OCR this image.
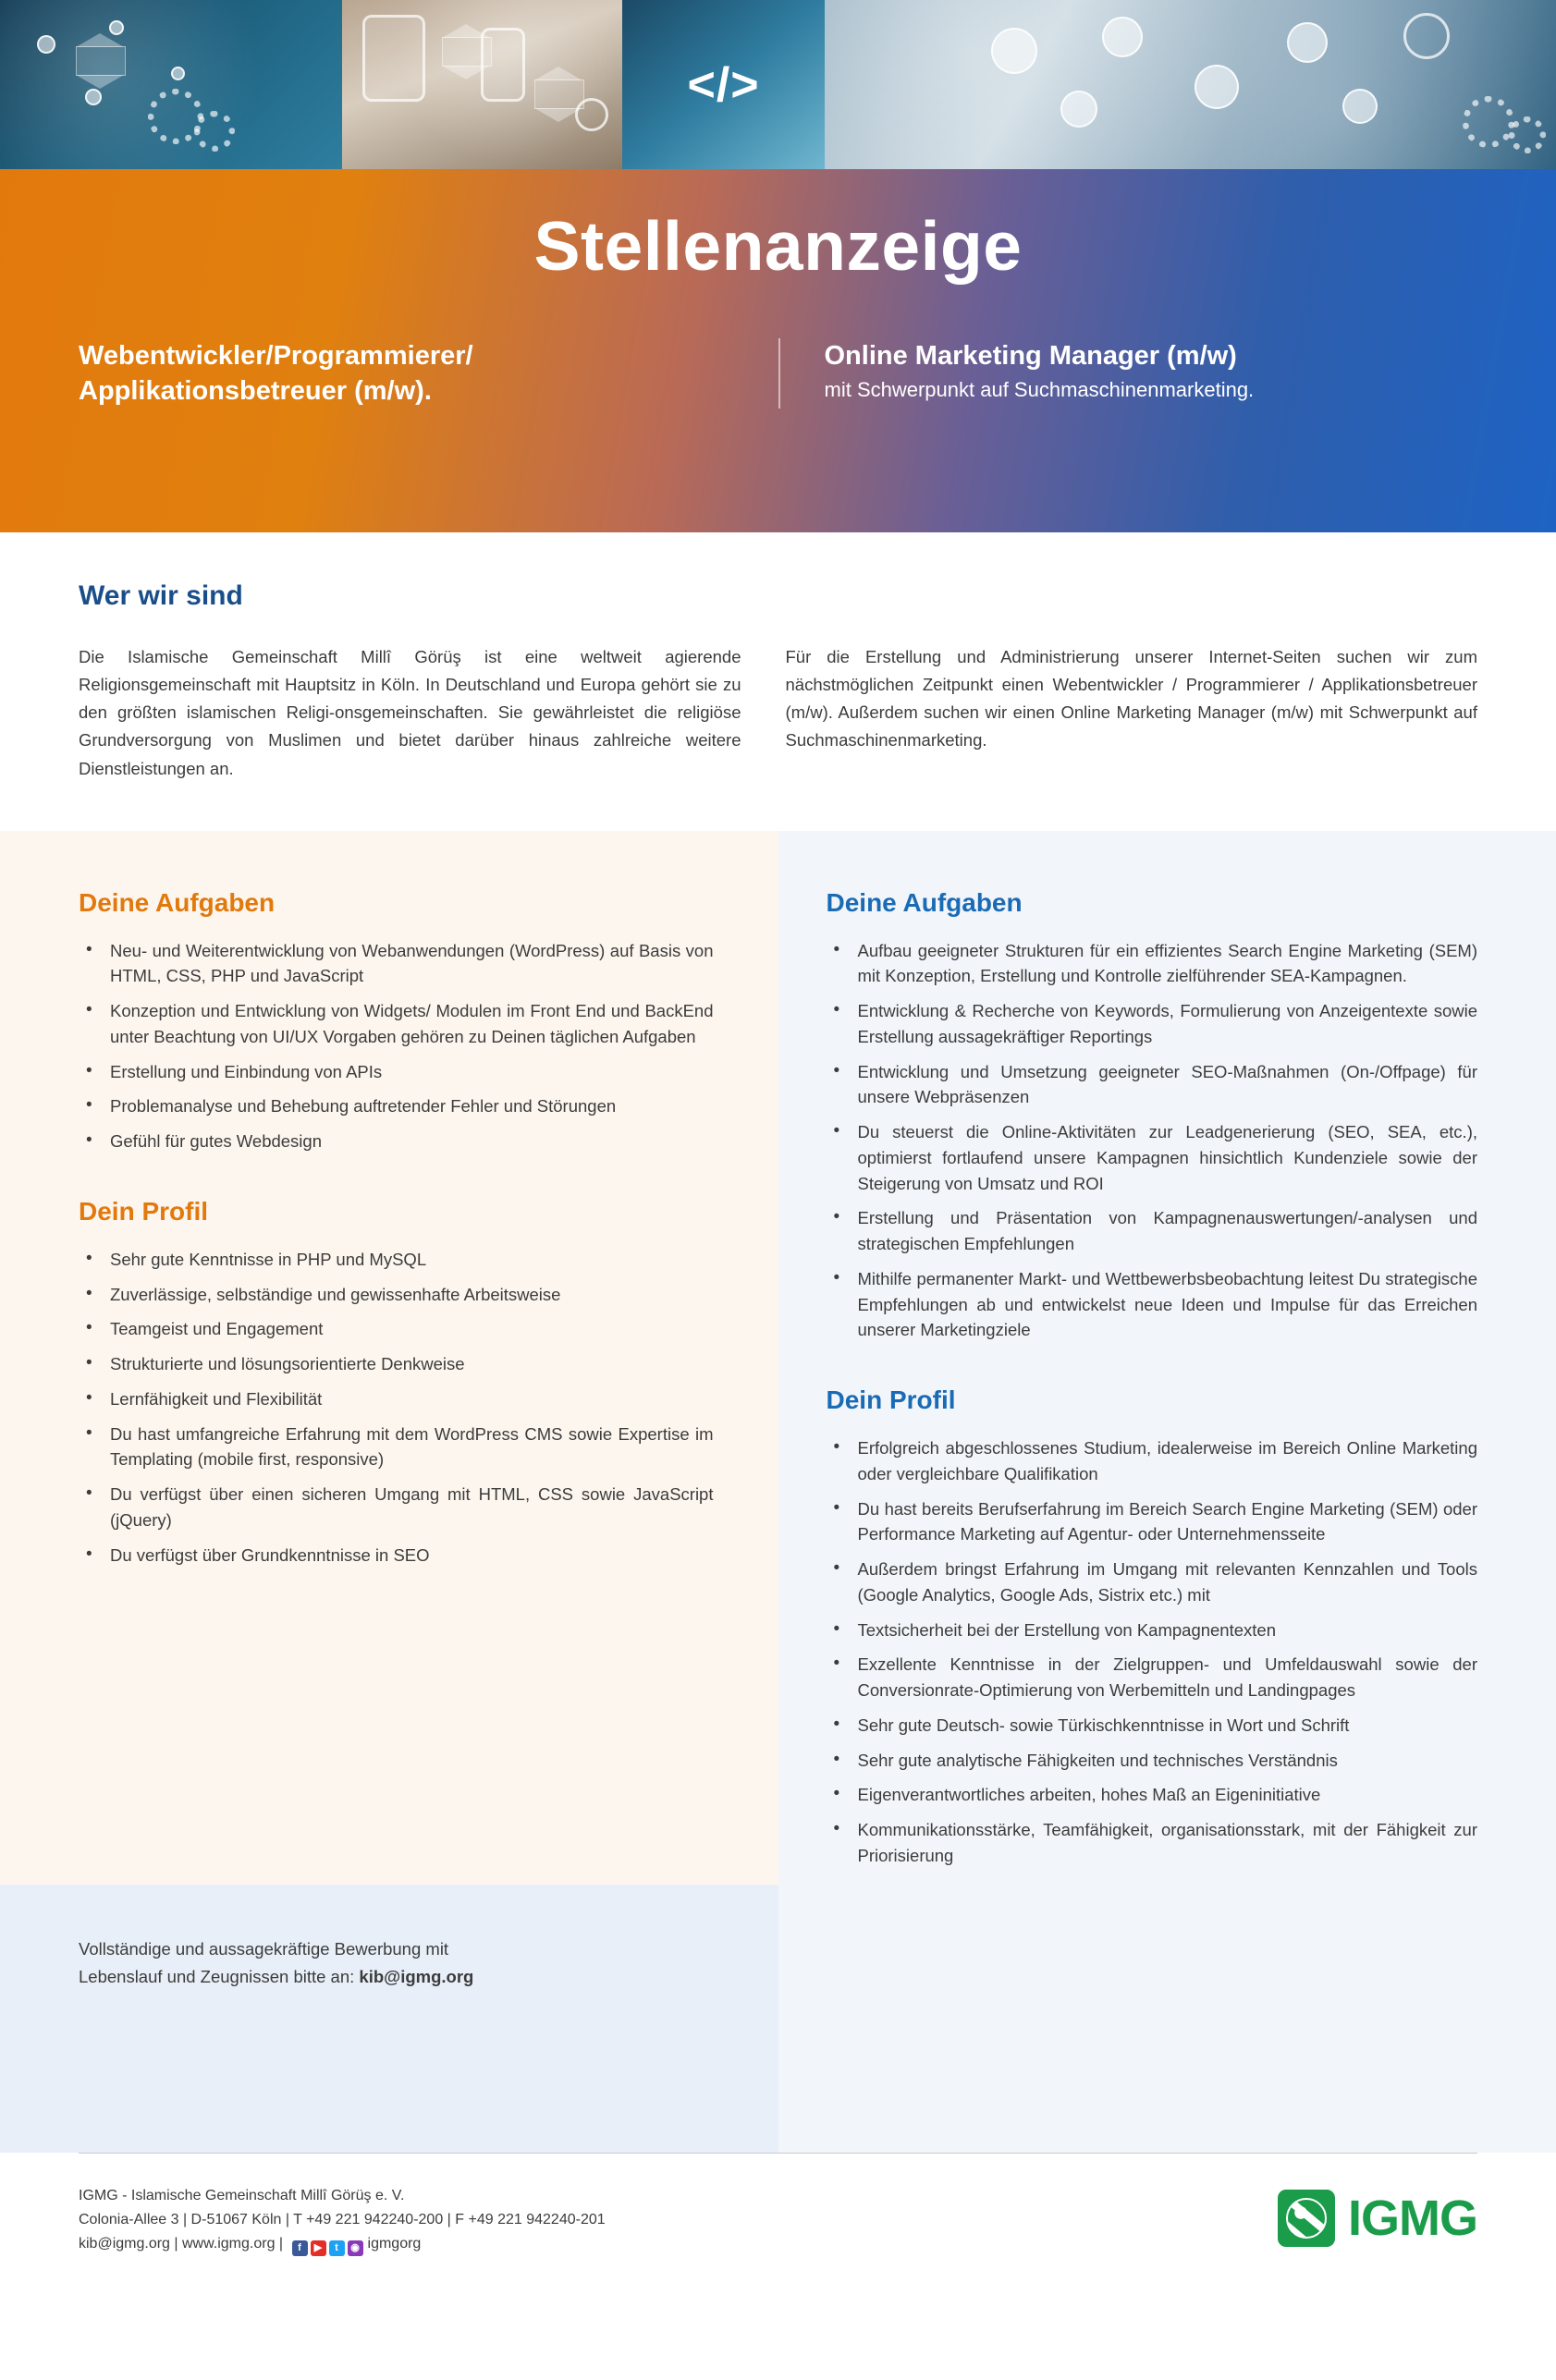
</>
Stellenanzeige
Webentwickler/Programmierer/ Applikationsbetreuer (m/w).
Online Marketing Manager (m/w)
mit Schwerpunkt auf Suchmaschinenmarketing.
Wer wir sind
Die Islamische Gemeinschaft Millî Görüş ist eine weltweit agierende Religionsgemeinschaft mit Hauptsitz in Köln. In Deutschland und Europa gehört sie zu den größten islamischen Religi-onsgemeinschaften. Sie gewährleistet die religiöse Grundversorgung von Muslimen und bietet darüber hinaus zahlreiche weitere Dienstleistungen an.
Für die Erstellung und Administrierung unserer Internet-Seiten suchen wir zum nächstmöglichen Zeitpunkt einen Webentwickler / Programmierer / Applikationsbetreuer (m/w). Außerdem suchen wir einen Online Marketing Manager (m/w) mit Schwerpunkt auf Suchmaschinenmarketing.
Deine Aufgaben
• Neu- und Weiterentwicklung von Webanwendungen (WordPress) auf Basis von HTML, CSS, PHP und JavaScript
• Konzeption und Entwicklung von Widgets/ Modulen im Front End und BackEnd unter Beachtung von UI/UX Vorgaben gehören zu Deinen täglichen Aufgaben
• Erstellung und Einbindung von APIs
• Problemanalyse und Behebung auftretender Fehler und Störungen
• Gefühl für gutes Webdesign
Dein Profil
• Sehr gute Kenntnisse in PHP und MySQL
• Zuverlässige, selbständige und gewissenhafte Arbeitsweise
• Teamgeist und Engagement
• Strukturierte und lösungsorientierte Denkweise
• Lernfähigkeit und Flexibilität
• Du hast umfangreiche Erfahrung mit dem WordPress CMS sowie Expertise im Templating (mobile first, responsive)
• Du verfügst über einen sicheren Umgang mit HTML, CSS sowie JavaScript (jQuery)
• Du verfügst über Grundkenntnisse in SEO
Deine Aufgaben
• Aufbau geeigneter Strukturen für ein effizientes Search Engine Marketing (SEM) mit Konzeption, Erstellung und Kontrolle zielführender SEA-Kampagnen.
• Entwicklung & Recherche von Keywords, Formulierung von Anzeigentexte sowie Erstellung aussagekräftiger Reportings
• Entwicklung und Umsetzung geeigneter SEO-Maßnahmen (On-/Offpage) für unsere Webpräsenzen
• Du steuerst die Online-Aktivitäten zur Leadgenerierung (SEO, SEA, etc.), optimierst fortlaufend unsere Kampagnen hinsichtlich Kundenziele sowie der Steigerung von Umsatz und ROI
• Erstellung und Präsentation von Kampagnenauswertungen/-analysen und strategischen Empfehlungen
• Mithilfe permanenter Markt- und Wettbewerbsbeobachtung leitest Du strategische Empfehlungen ab und entwickelst neue Ideen und Impulse für das Erreichen unserer Marketingziele
Dein Profil
• Erfolgreich abgeschlossenes Studium, idealerweise im Bereich Online Marketing oder vergleichbare Qualifikation
• Du hast bereits Berufserfahrung im Bereich Search Engine Marketing (SEM) oder Performance Marketing auf Agentur- oder Unternehmensseite
• Außerdem bringst Erfahrung im Umgang mit relevanten Kennzahlen und Tools (Google Analytics, Google Ads, Sistrix etc.) mit
• Textsicherheit bei der Erstellung von Kampagnentexten
• Exzellente Kenntnisse in der Zielgruppen- und Umfeldauswahl sowie der Conversionrate-Optimierung von Werbemitteln und Landingpages
• Sehr gute Deutsch- sowie Türkischkenntnisse in Wort und Schrift
• Sehr gute analytische Fähigkeiten und technisches Verständnis
• Eigenverantwortliches arbeiten, hohes Maß an Eigeninitiative
• Kommunikationsstärke, Teamfähigkeit, organisationsstark, mit der Fähigkeit zur Priorisierung
Vollständige und aussagekräftige Bewerbung mit
Lebenslauf und Zeugnissen bitte an: kib@igmg.org
IGMG - Islamische Gemeinschaft Millî Görüş e. V.
Colonia-Allee 3 | D-51067 Köln | T +49 221 942240-200 | F +49 221 942240-201
kib@igmg.org | www.igmg.org |	f	▶	t	◉ igmgorg	IGMG
